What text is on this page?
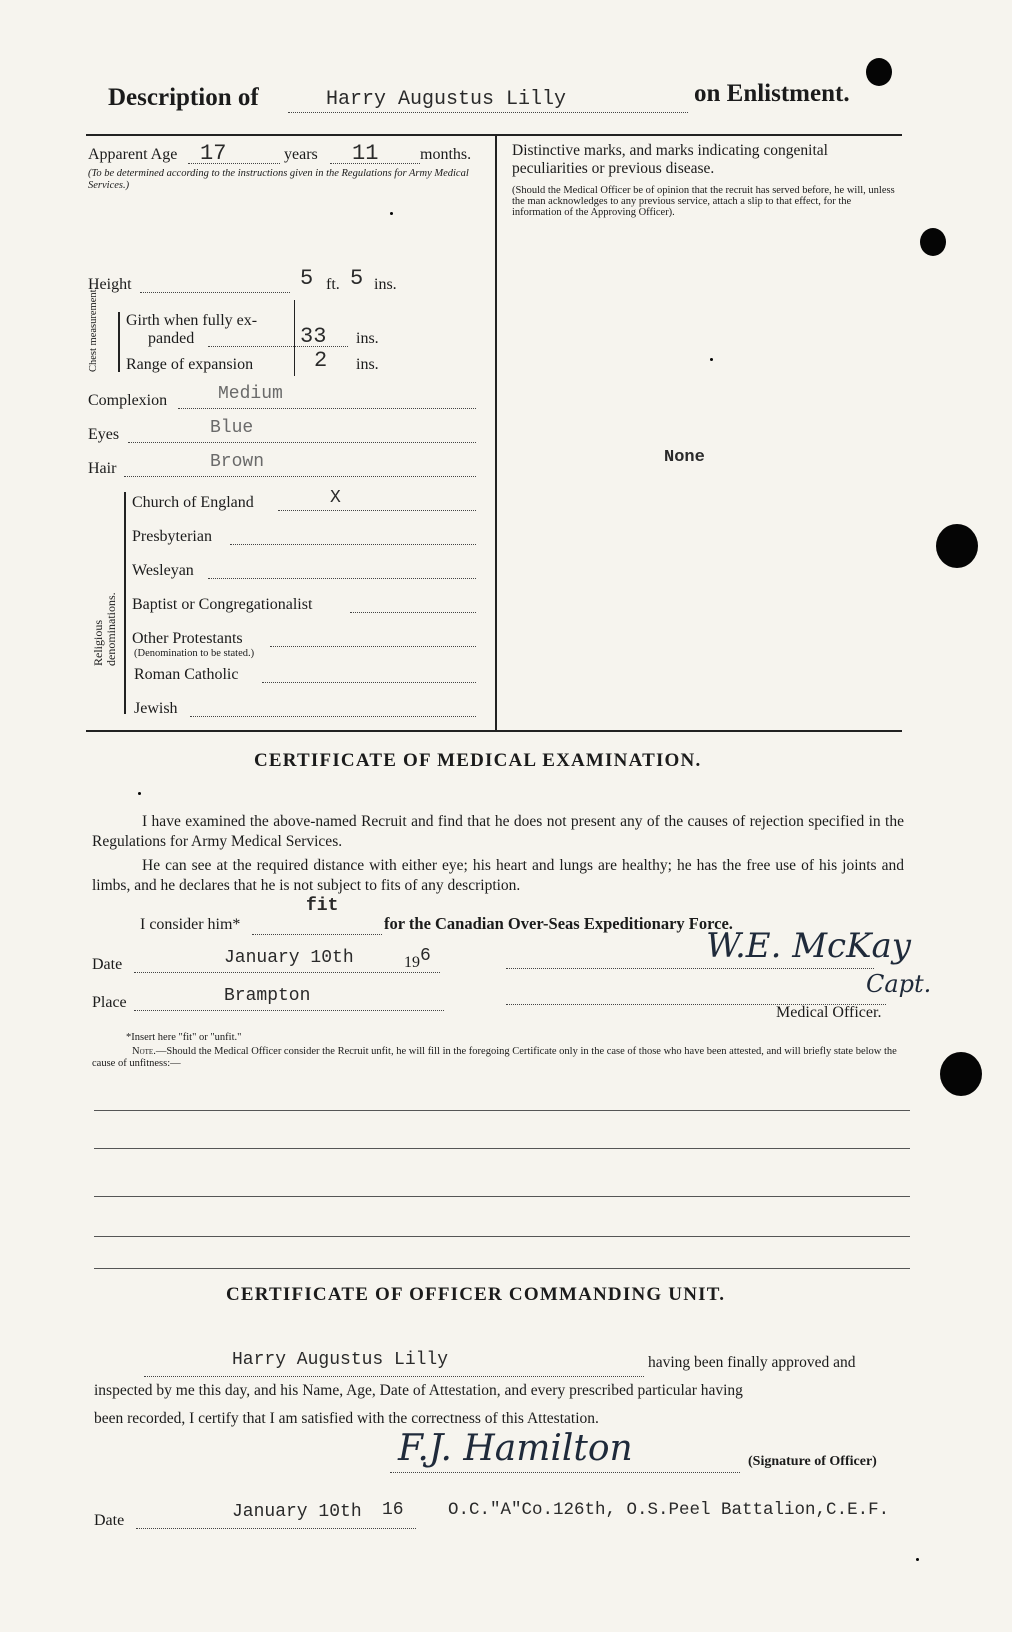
Description of	Harry Augustus Lilly	on Enlistment.
Apparent Age 17	years 11	months.
(To be determined according to the instructions given in the Regulations for Army Medical Services.)
Height	5 ft. 5 ins.
Chest measurement. Girth when fully ex-
panded	33 ins.
Range of expansion	2 ins.
Complexion	Medium
Eyes	Blue
Hair	Brown
Religious denominations.
Church of England	X
Presbyterian
Wesleyan
Baptist or Congregationalist
Other Protestants
(Denomination to be stated.)
Roman Catholic
Jewish
Distinctive marks, and marks indicating congenital peculiarities or previous disease.
(Should the Medical Officer be of opinion that the recruit has served before, he will, unless the man acknowledges to any previous service, attach a slip to that effect, for the information of the Approving Officer).
None
CERTIFICATE OF MEDICAL EXAMINATION.
I have examined the above-named Recruit and find that he does not present any of the causes of rejection specified in the Regulations for Army Medical Services.
He can see at the required distance with either eye; his heart and lungs are healthy; he has the free use of his joints and limbs, and he declares that he is not subject to fits of any description.
I consider him*
fit
for the Canadian Over-Seas Expeditionary Force.
Date	January 10th	19 6	W.E. McKay
Capt.
Place	Brampton
Medical Officer.
*Insert here "fit" or "unfit."
Note.—Should the Medical Officer consider the Recruit unfit, he will fill in the foregoing Certificate only in the case of those who have been attested, and will briefly state below the cause of unfitness:—
CERTIFICATE OF OFFICER COMMANDING UNIT.
Harry Augustus Lilly	having been finally approved and
inspected by me this day, and his Name, Age, Date of Attestation, and every prescribed particular having
been recorded, I certify that I am satisfied with the correctness of this Attestation.
F.J. Hamilton	(Signature of Officer)
Date	January 10th 16	O.C."A"Co.126th, O.S.Peel Battalion,C.E.F.
